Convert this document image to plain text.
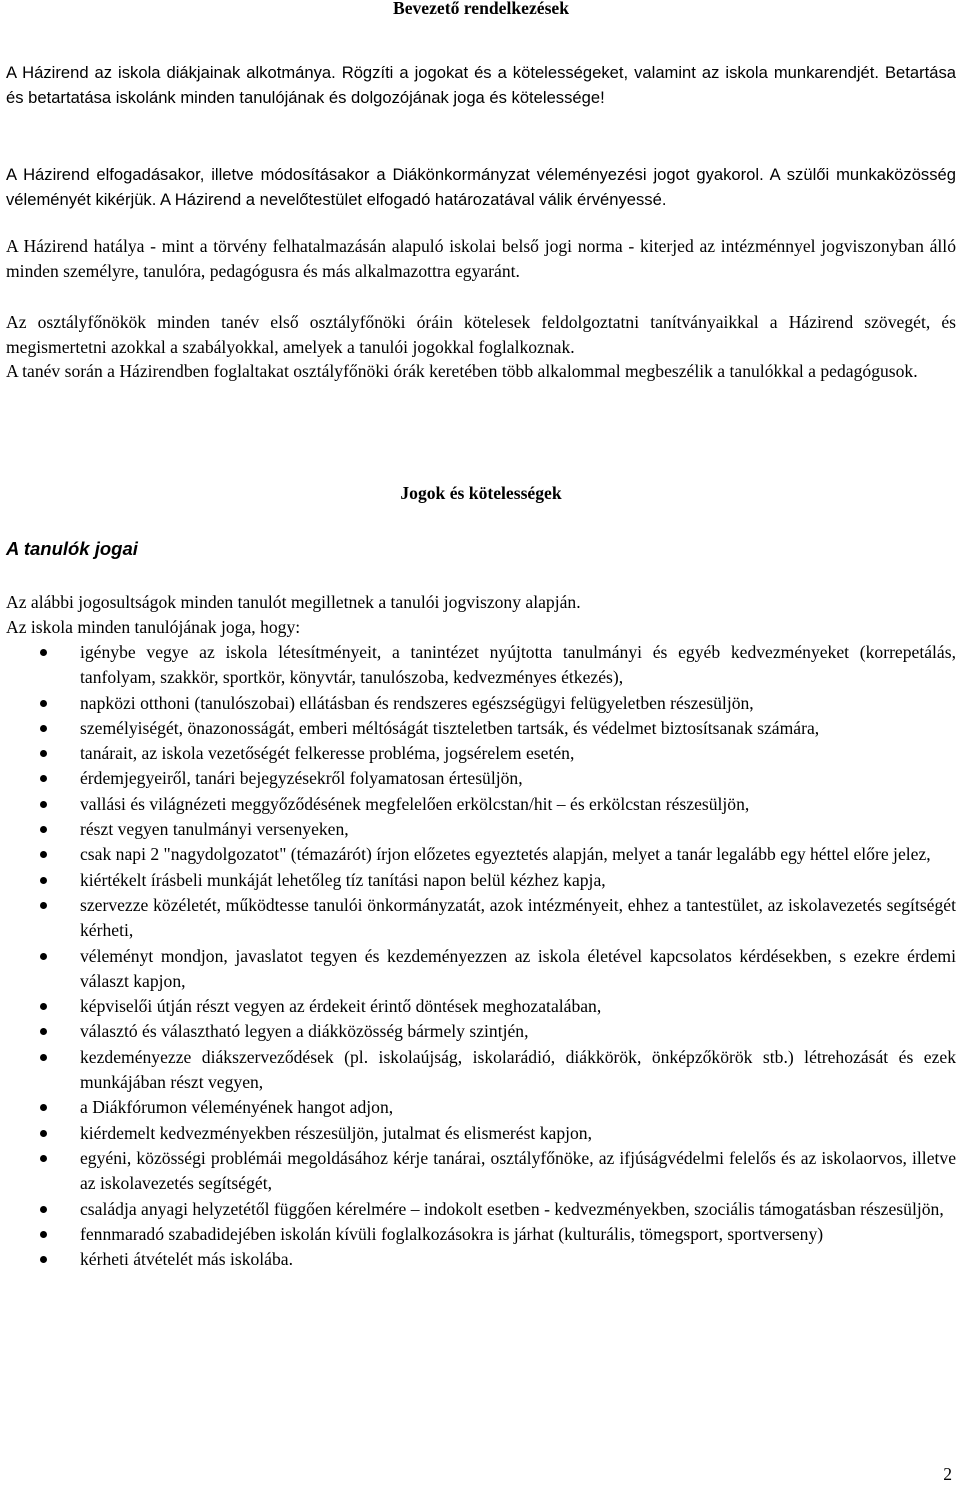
Bevezető rendelkezések

A Házirend az iskola diákjainak alkotmánya. Rögzíti a jogokat és a kötelességeket, valamint az iskola munkarendjét. Betartása és betartatása iskolánk minden tanulójának és dolgozójának joga és kötelessége!

A Házirend elfogadásakor, illetve módosításakor a Diákönkormányzat véleményezési jogot gyakorol. A szülői munkaközösség véleményét kikérjük. A Házirend a nevelőtestület elfogadó határozatával válik érvényessé.

A Házirend hatálya - mint a törvény felhatalmazásán alapuló iskolai belső jogi norma - kiterjed az intézménnyel jogviszonyban álló minden személyre, tanulóra, pedagógusra és más alkalmazottra egyaránt.

Az osztályfőnökök minden tanév első osztályfőnöki óráin kötelesek feldolgoztatni tanítványaikkal a Házirend szövegét, és megismertetni azokkal a szabályokkal, amelyek a tanulói jogokkal foglalkoznak.

A tanév során a Házirendben foglaltakat osztályfőnöki órák keretében több alkalommal megbeszélik a tanulókkal a pedagógusok.

Jogok és kötelességek
A tanulók jogai

Az alábbi jogosultságok minden tanulót megilletnek a tanulói jogviszony alapján.

Az iskola minden tanulójának joga, hogy:

igénybe vegye az iskola létesítményeit, a tanintézet nyújtotta tanulmányi és egyéb kedvezményeket (korrepetálás, tanfolyam, szakkör, sportkör, könyvtár, tanulószoba, kedvezményes étkezés),
napközi otthoni (tanulószobai) ellátásban és rendszeres egészségügyi felügyeletben részesüljön,
személyiségét, önazonosságát, emberi méltóságát tiszteletben tartsák, és védelmet biztosítsanak számára,
tanárait, az iskola vezetőségét felkeresse probléma, jogsérelem esetén,
érdemjegyeiről, tanári bejegyzésekről folyamatosan értesüljön,
vallási és világnézeti meggyőződésének megfelelően erkölcstan/hit – és erkölcstan részesüljön,
részt vegyen tanulmányi versenyeken,
csak napi 2 "nagydolgozatot" (témazárót) írjon előzetes egyeztetés alapján, melyet a tanár legalább egy héttel előre jelez,
kiértékelt írásbeli munkáját lehetőleg tíz tanítási napon belül kézhez kapja,
szervezze közéletét, működtesse tanulói önkormányzatát, azok intézményeit, ehhez a tantestület, az iskolavezetés segítségét kérheti,
véleményt mondjon, javaslatot tegyen és kezdeményezzen az iskola életével kapcsolatos kérdésekben, s ezekre érdemi választ kapjon,
képviselői útján részt vegyen az érdekeit érintő döntések meghozatalában,
választó és választható legyen a diákközösség bármely szintjén,
kezdeményezze diákszerveződések (pl. iskolaújság, iskolarádió, diákkörök, önképzőkörök stb.) létrehozását és ezek munkájában részt vegyen,
a Diákfórumon véleményének hangot adjon,
kiérdemelt kedvezményekben részesüljön, jutalmat és elismerést kapjon,
egyéni, közösségi problémái megoldásához kérje tanárai, osztályfőnöke, az ifjúságvédelmi felelős és az iskolaorvos, illetve az iskolavezetés segítségét,
családja anyagi helyzetétől függően kérelmére – indokolt esetben - kedvezményekben, szociális támogatásban részesüljön,
fennmaradó szabadidejében iskolán kívüli foglalkozásokra is járhat (kulturális, tömegsport, sportverseny)
kérheti átvételét más iskolába.
2
